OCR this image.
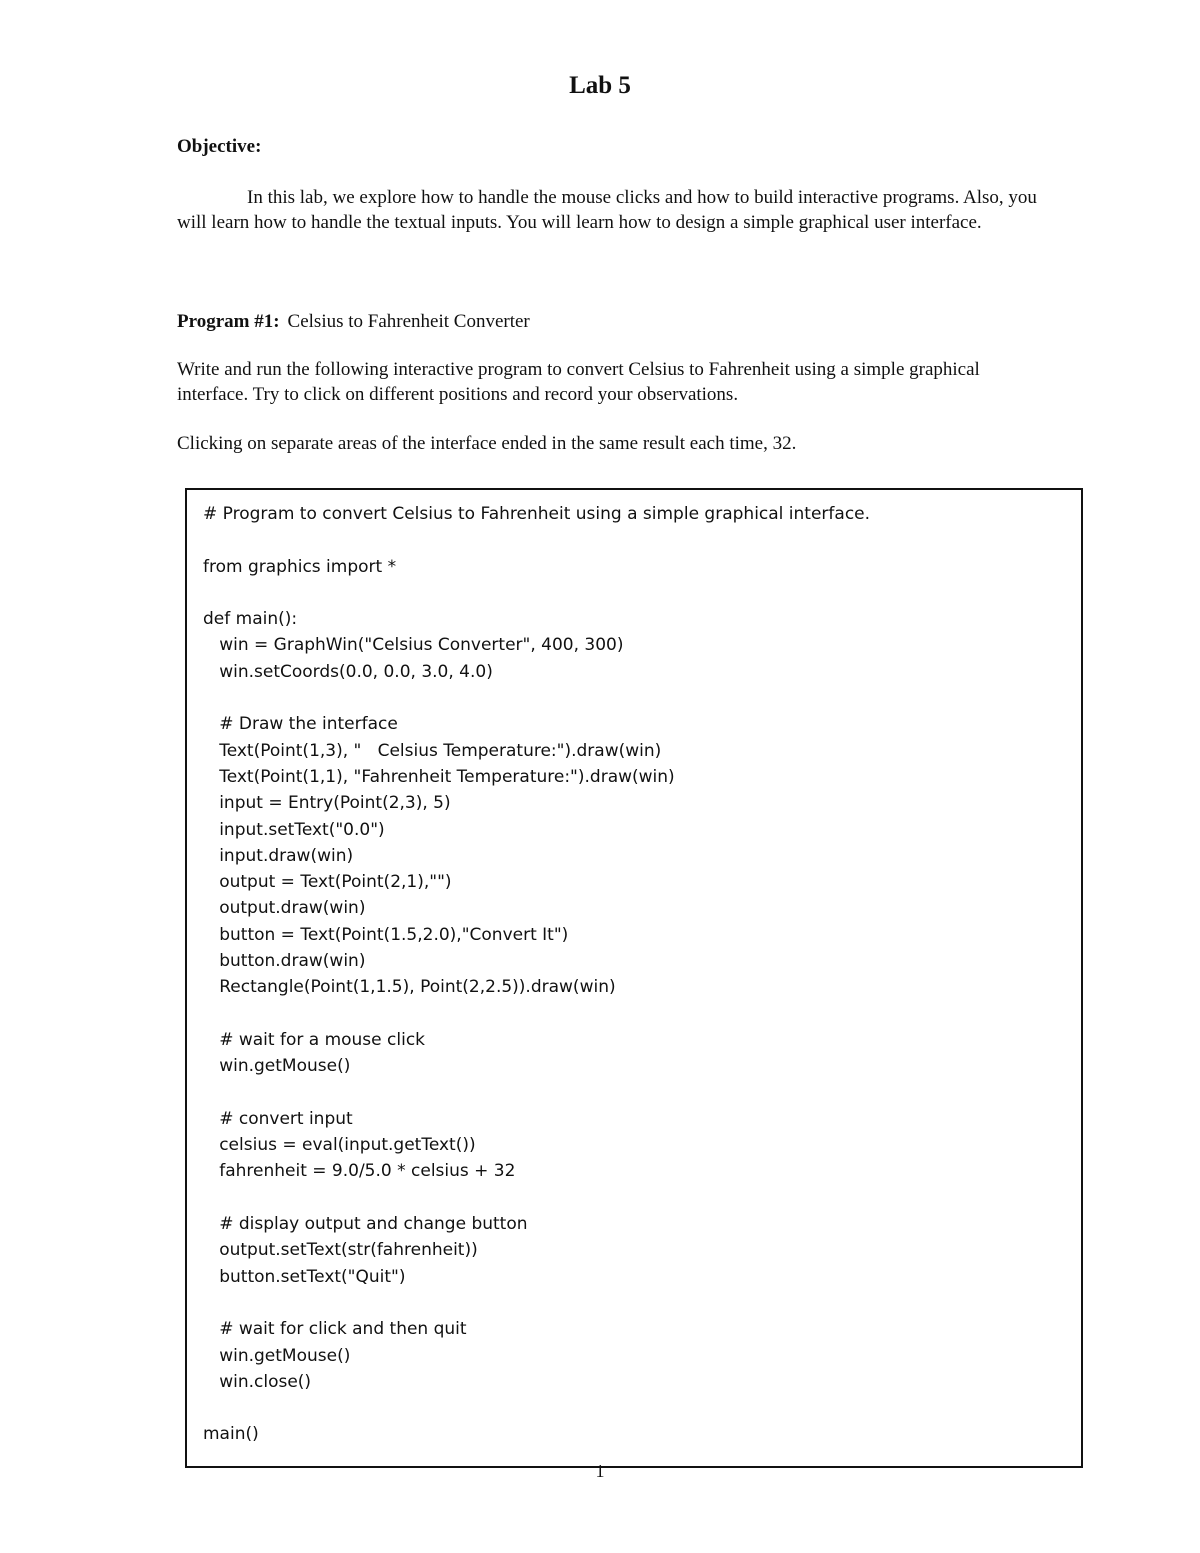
Lab 5

Objective:

In this lab, we explore how to handle the mouse clicks and how to build interactive programs. Also, you will learn how to handle the textual inputs. You will learn how to design a simple graphical user interface.

Program #1: Celsius to Fahrenheit Converter

Write and run the following interactive program to convert Celsius to Fahrenheit using a simple graphical interface. Try to click on different positions and record your observations.

Clicking on separate areas of the interface ended in the same result each time, 32.

# Program to convert Celsius to Fahrenheit using a simple graphical interface.
from graphics import *
def main():
win = GraphWin("Celsius Converter", 400, 300)
win.setCoords(0.0, 0.0, 3.0, 4.0)
# Draw the interface
Text(Point(1,3), "   Celsius Temperature:").draw(win)
Text(Point(1,1), "Fahrenheit Temperature:").draw(win)
input = Entry(Point(2,3), 5)
input.setText("0.0")
input.draw(win)
output = Text(Point(2,1),"")
output.draw(win)
button = Text(Point(1.5,2.0),"Convert It")
button.draw(win)
Rectangle(Point(1,1.5), Point(2,2.5)).draw(win)
# wait for a mouse click
win.getMouse()
# convert input
celsius = eval(input.getText())
fahrenheit = 9.0/5.0 * celsius + 32
# display output and change button
output.setText(str(fahrenheit))
button.setText("Quit")
# wait for click and then quit
win.getMouse()
win.close()
main()

1
